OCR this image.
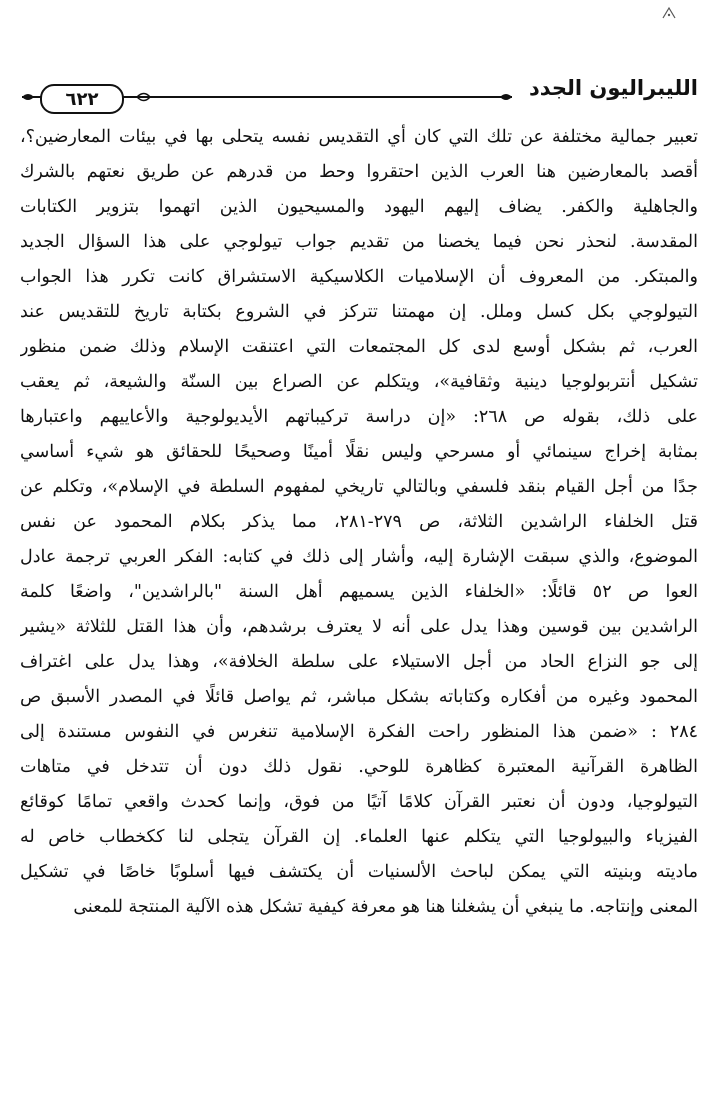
٦٢٢	الليبراليون الجدد
تعبير جمالية مختلفة عن تلك التي كان أي التقديس نفسه يتحلى بها في بيئات المعارضين؟،
أقصد بالمعارضين هنا العرب الذين احتقروا وحط من قدرهم عن طريق نعتهم بالشرك
والجاهلية والكفر. يضاف إليهم اليهود والمسيحيون الذين اتهموا بتزوير الكتابات
المقدسة. لنحذر نحن فيما يخصنا من تقديم جواب تيولوجي على هذا السؤال الجديد
والمبتكر. من المعروف أن الإسلاميات الكلاسيكية الاستشراق كانت تكرر هذا الجواب
التيولوجي بكل كسل وملل. إن مهمتنا تتركز في الشروع بكتابة تاريخ للتقديس عند
العرب، ثم بشكل أوسع لدى كل المجتمعات التي اعتنقت الإسلام وذلك ضمن منظور
تشكيل أنتربولوجيا دينية وثقافية»، ويتكلم عن الصراع بين السنّة والشيعة، ثم يعقب
على ذلك، بقوله ص ٢٦٨: «إن دراسة تركيباتهم الأيديولوجية والأعاييهم واعتبارها
بمثابة إخراج سينمائي أو مسرحي وليس نقلًا أمينًا وصحيحًا للحقائق هو شيء أساسي
جدًا من أجل القيام بنقد فلسفي وبالتالي تاريخي لمفهوم السلطة في الإسلام»، وتكلم عن
قتل الخلفاء الراشدين الثلاثة، ص ٢٧٩-٢٨١، مما يذكر بكلام المحمود عن نفس
الموضوع، والذي سبقت الإشارة إليه، وأشار إلى ذلك في كتابه: الفكر العربي ترجمة عادل
العوا ص ٥٢ قائلًا: «الخلفاء الذين يسميهم أهل السنة "بالراشدين"، واضعًا كلمة
الراشدين بين قوسين وهذا يدل على أنه لا يعترف برشدهم، وأن هذا القتل للثلاثة «يشير
إلى جو النزاع الحاد من أجل الاستيلاء على سلطة الخلافة»، وهذا يدل على اغتراف
المحمود وغيره من أفكاره وكتاباته بشكل مباشر، ثم يواصل قائلًا في المصدر الأسبق ص
٢٨٤ : «ضمن هذا المنظور راحت الفكرة الإسلامية تنغرس في النفوس مستندة إلى
الظاهرة القرآنية المعتبرة كظاهرة للوحي. نقول ذلك دون أن تتدخل في متاهات
التيولوجيا، ودون أن نعتبر القرآن كلامًا آتيًا من فوق، وإنما كحدث واقعي تمامًا كوقائع
الفيزياء والبيولوجيا التي يتكلم عنها العلماء. إن القرآن يتجلى لنا ككخطاب خاص له
ماديته وبنيته التي يمكن لباحث الألسنيات أن يكتشف فيها أسلوبًا خاصًا في تشكيل
المعنى وإنتاجه. ما ينبغي أن يشغلنا هنا هو معرفة كيفية تشكل هذه الآلية المنتجة للمعنى
